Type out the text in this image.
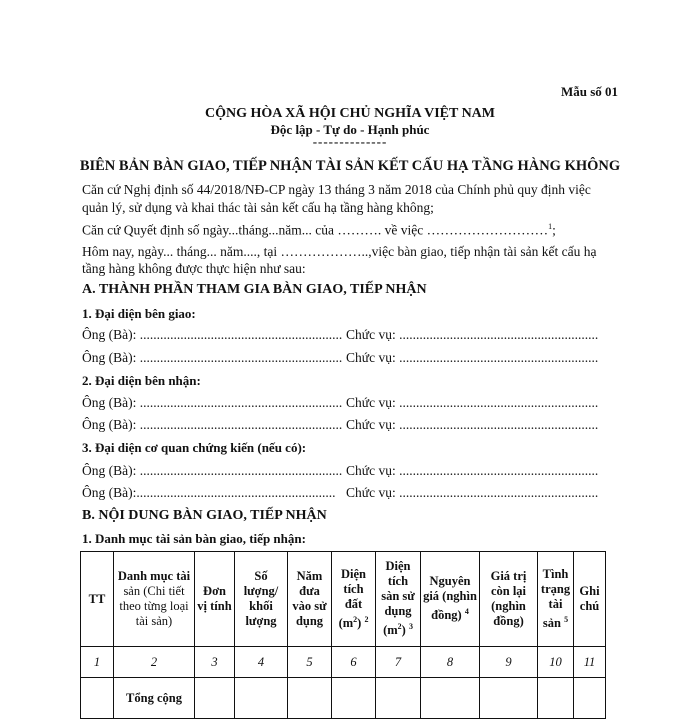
Mẫu số 01
CỘNG HÒA XÃ HỘI CHỦ NGHĨA VIỆT NAM
Độc lập - Tự do - Hạnh phúc
--------------
BIÊN BẢN BÀN GIAO, TIẾP NHẬN TÀI SẢN KẾT CẤU HẠ TẦNG HÀNG KHÔNG
Căn cứ Nghị định số 44/2018/NĐ-CP ngày 13 tháng 3 năm 2018 của Chính phủ quy định việc
quản lý, sử dụng và khai thác tài sản kết cấu hạ tầng hàng không;
Căn cứ Quyết định số ngày...tháng...năm... của ………. về việc ………………………$^1$;
Hôm nay, ngày... tháng... năm...., tại ………………..,việc bàn giao, tiếp nhận tài sản kết cấu hạ
tầng hàng không được thực hiện như sau:
A. THÀNH PHẦN THAM GIA BÀN GIAO, TIẾP NHẬN
1. Đại diện bên giao:
Ông (Bà): ............................................................ Chức vụ: ...........................................................
Ông (Bà): ............................................................ Chức vụ: ...........................................................
2. Đại diện bên nhận:
Ông (Bà): ............................................................ Chức vụ: ...........................................................
Ông (Bà): ............................................................ Chức vụ: ...........................................................
3. Đại diện cơ quan chứng kiến (nếu có):
Ông (Bà): ............................................................ Chức vụ: ...........................................................
Ông (Bà):........................................................... Chức vụ: ...........................................................
B. NỘI DUNG BÀN GIAO, TIẾP NHẬN
1. Danh mục tài sản bàn giao, tiếp nhận:
TT	Danh mục tài sản (Chi tiết theo từng loại tài sản)	Đơn vị tính	Số lượng/ khối lượng	Năm đưa vào sử dụng	Diện tích đất $(m^2)$ $^2$	Diện tích sàn sử dụng $(m^2)$ $^3$	Nguyên giá (nghìn đồng) $^4$	Giá trị còn lại (nghìn đồng)	Tình trạng tài sản $^5$	Ghi chú
1	2	3	4	5	6	7	8	9	10	11
	Tổng cộng									
